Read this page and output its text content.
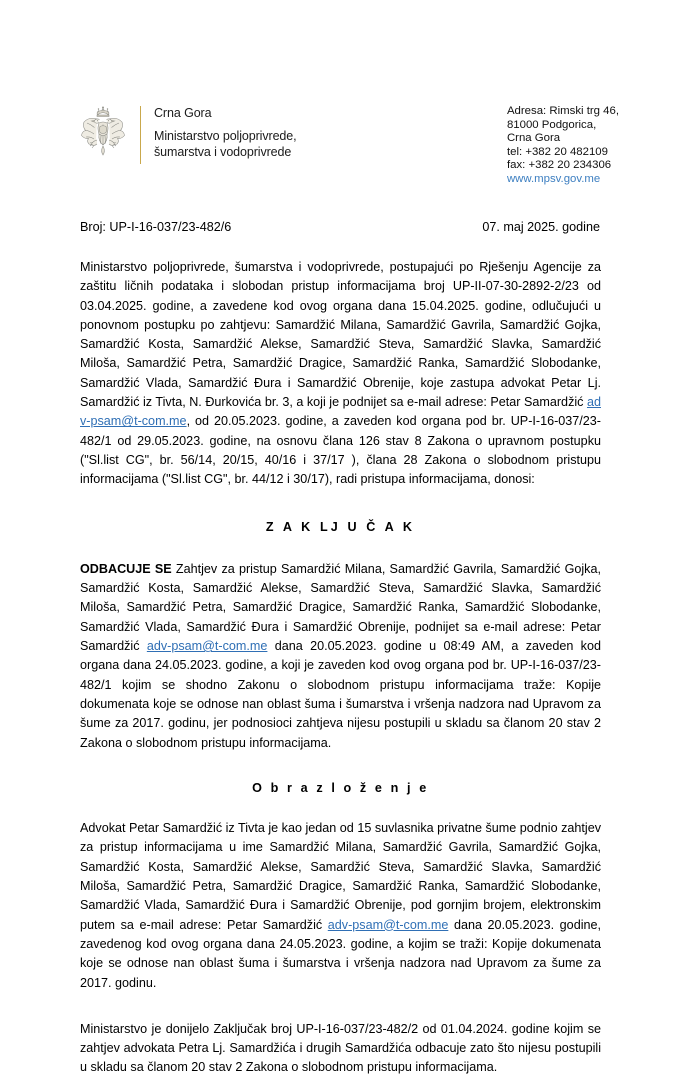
Crna Gora
Ministarstvo poljoprivrede,
šumarstva i vodoprivrede
Adresa: Rimski trg 46,
81000 Podgorica,
Crna Gora
tel: +382 20 482109
fax: +382 20 234306
www.mpsv.gov.me
Broj: UP-I-16-037/23-482/6	07. maj 2025. godine

Ministarstvo poljoprivrede, šumarstva i vodoprivrede, postupajući po Rješenju Agencije za zaštitu ličnih podataka i slobodan pristup informacijama broj UP-II-07-30-2892-2/23 od 03.04.2025. godine, a zavedene kod ovog organa dana 15.04.2025. godine, odlučujući u ponovnom postupku po zahtjevu: Samardžić Milana, Samardžić Gavrila, Samardžić Gojka, Samardžić Kosta, Samardžić Alekse, Samardžić Steva, Samardžić Slavka, Samardžić Miloša, Samardžić Petra, Samardžić Dragice, Samardžić Ranka, Samardžić Slobodanke, Samardžić Vlada, Samardžić Đura i Samardžić Obrenije, koje zastupa advokat Petar Lj. Samardžić iz Tivta, N. Đurkovića br. 3, a koji je podnijet sa e-mail adrese: Petar Samardžić adv-psam@t-com.me, od 20.05.2023. godine, a zaveden kod organa pod br. UP-I-16-037/23-482/1 od 29.05.2023. godine, na osnovu člana 126 stav 8 Zakona o upravnom postupku ("Sl.list CG", br. 56/14, 20/15, 40/16 i 37/17 ), člana 28 Zakona o slobodnom pristupu informacijama ("Sl.list CG", br. 44/12 i 30/17), radi pristupa informacijama, donosi:

Z A K LJ U Č A K

ODBACUJE SE Zahtjev za pristup Samardžić Milana, Samardžić Gavrila, Samardžić Gojka, Samardžić Kosta, Samardžić Alekse, Samardžić Steva, Samardžić Slavka, Samardžić Miloša, Samardžić Petra, Samardžić Dragice, Samardžić Ranka, Samardžić Slobodanke, Samardžić Vlada, Samardžić Đura i Samardžić Obrenije, podnijet sa e-mail adrese: Petar Samardžić adv-psam@t-com.me dana 20.05.2023. godine u 08:49 AM, a zaveden kod organa dana 24.05.2023. godine, a koji je zaveden kod ovog organa pod br. UP-I-16-037/23-482/1 kojim se shodno Zakonu o slobodnom pristupu informacijama traže: Kopije dokumenata koje se odnose nan oblast šuma i šumarstva i vršenja nadzora nad Upravom za šume za 2017. godinu, jer podnosioci zahtjeva nijesu postupili u skladu sa članom 20 stav 2 Zakona o slobodnom pristupu informacijama.

O b r a z l o ž e n j e

Advokat Petar Samardžić iz Tivta je kao jedan od 15 suvlasnika privatne šume podnio zahtjev za pristup informacijama u ime Samardžić Milana, Samardžić Gavrila, Samardžić Gojka, Samardžić Kosta, Samardžić Alekse, Samardžić Steva, Samardžić Slavka, Samardžić Miloša, Samardžić Petra, Samardžić Dragice, Samardžić Ranka, Samardžić Slobodanke, Samardžić Vlada, Samardžić Đura i Samardžić Obrenije, pod gornjim brojem, elektronskim putem sa e-mail adrese: Petar Samardžić adv-psam@t-com.me dana 20.05.2023. godine, zavedenog kod ovog organa dana 24.05.2023. godine, a kojim se traži: Kopije dokumenata koje se odnose nan oblast šuma i šumarstva i vršenja nadzora nad Upravom za šume za 2017. godinu.

Ministarstvo je donijelo Zaključak broj UP-I-16-037/23-482/2 od 01.04.2024. godine kojim se zahtjev advokata Petra Lj. Samardžića i drugih Samardžića odbacuje zato što nijesu postupili u skladu sa članom 20 stav 2 Zakona o slobodnom pristupu informacijama.
